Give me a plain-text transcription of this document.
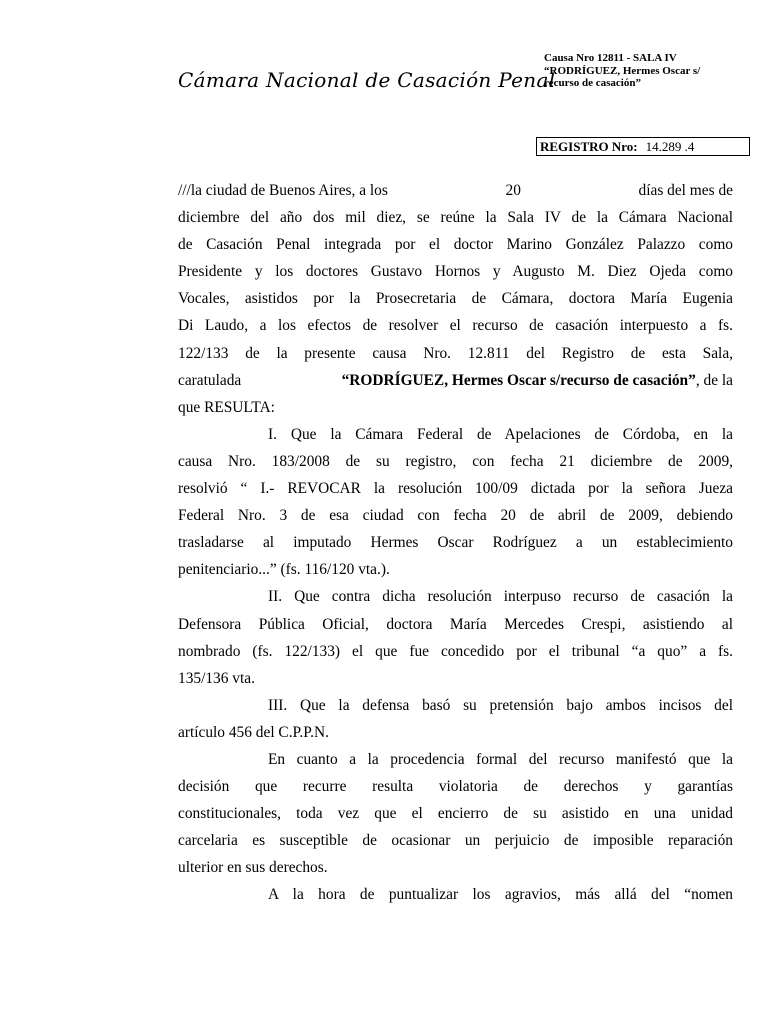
Cámara Nacional de Casación Penal
Causa Nro 12811 - SALA IV
“RODRÍGUEZ, Hermes Oscar s/
recurso de casación”
REGISTRO Nro: 14.289 .4
///la ciudad de Buenos Aires, a los	20	días del mes de
diciembre del año dos mil diez, se reúne la Sala IV de la Cámara Nacional
de Casación Penal integrada por el doctor Marino González Palazzo como
Presidente y los doctores Gustavo Hornos y Augusto M. Diez Ojeda como
Vocales, asistidos por la Prosecretaria de Cámara, doctora María Eugenia
Di Laudo, a los efectos de resolver el recurso de casación interpuesto a fs.
122/133 de la presente causa Nro. 12.811 del Registro de esta Sala,
caratulada	“RODRÍGUEZ, Hermes Oscar s/recurso de casación”, de la
que RESULTA:
I. Que la Cámara Federal de Apelaciones de Córdoba, en la
causa Nro. 183/2008 de su registro, con fecha 21 diciembre de 2009,
resolvió “ I.- REVOCAR la resolución 100/09 dictada por la señora Jueza
Federal Nro. 3 de esa ciudad con fecha 20 de abril de 2009, debiendo
trasladarse al imputado Hermes Oscar Rodríguez a un establecimiento
penitenciario...” (fs. 116/120 vta.).
II. Que contra dicha resolución interpuso recurso de casación la
Defensora Pública Oficial, doctora María Mercedes Crespi, asistiendo al
nombrado (fs. 122/133) el que fue concedido por el tribunal “a quo” a fs.
135/136 vta.
III. Que la defensa basó su pretensión bajo ambos incisos del
artículo 456 del C.P.P.N.
En cuanto a la procedencia formal del recurso manifestó que la
decisión que recurre resulta violatoria de derechos y garantías
constitucionales, toda vez que el encierro de su asistido en una unidad
carcelaria es susceptible de ocasionar un perjuicio de imposible reparación
ulterior en sus derechos.
A la hora de puntualizar los agravios, más allá del “nomen
